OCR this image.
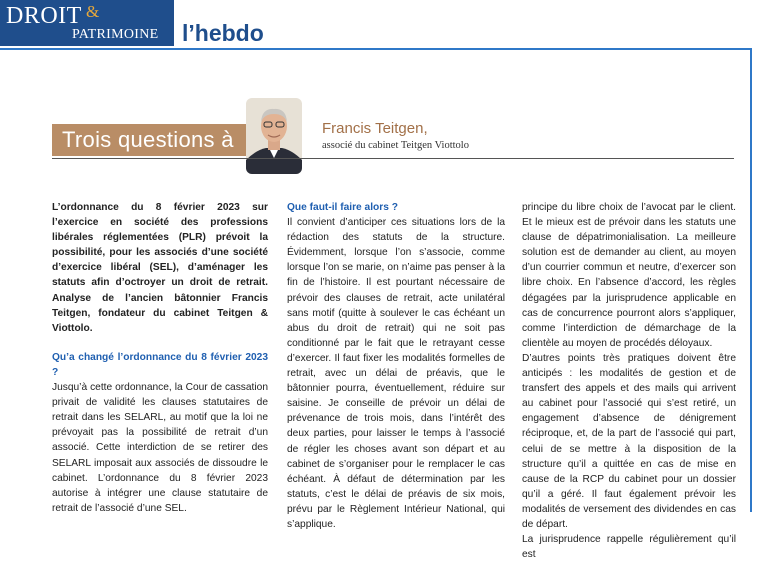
DROIT &
PATRIMOINE l’hebdo
Trois questions à	Francis Teitgen,
associé du cabinet Teitgen Viottolo

L’ordonnance du 8 février 2023 sur l’exercice en société des professions libérales réglementées (PLR) prévoit la possibilité, pour les associés d’une société d’exercice libéral (SEL), d’aménager les statuts afin d’octroyer un droit de retrait. Analyse de l’ancien bâtonnier Francis Teitgen, fondateur du cabinet Teitgen & Viottolo.

Qu’a changé l’ordonnance du 8 février 2023 ?

Jusqu’à cette ordonnance, la Cour de cassation privait de validité les clauses statutaires de retrait dans les SELARL, au motif que la loi ne prévoyait pas la possibilité de retrait d’un associé. Cette interdiction de se retirer des SELARL imposait aux associés de dissoudre le cabinet. L’ordonnance du 8 février 2023 autorise à intégrer une clause statutaire de retrait de l’associé d’une SEL.

Que faut-il faire alors ?

Il convient d’anticiper ces situations lors de la rédaction des statuts de la structure. Évidemment, lorsque l’on s’associe, comme lorsque l’on se marie, on n’aime pas penser à la fin de l’histoire. Il est pourtant nécessaire de prévoir des clauses de retrait, acte unilatéral sans motif (quitte à soulever le cas échéant un abus du droit de retrait) qui ne soit pas conditionné par le fait que le retrayant cesse d’exercer. Il faut fixer les modalités formelles de retrait, avec un délai de préavis, que le bâtonnier pourra, éventuellement, réduire sur saisine. Je conseille de prévoir un délai de prévenance de trois mois, dans l’intérêt des deux parties, pour laisser le temps à l’associé de régler les choses avant son départ et au cabinet de s’organiser pour le remplacer le cas échéant. À défaut de détermination par les statuts, c’est le délai de préavis de six mois, prévu par le Règlement Intérieur National, qui s’applique.

principe du libre choix de l’avocat par le client. Et le mieux est de prévoir dans les statuts une clause de dépatrimonialisation. La meilleure solution est de demander au client, au moyen d’un courrier commun et neutre, d’exercer son libre choix. En l’absence d’accord, les règles dégagées par la jurisprudence applicable en cas de concurrence pourront alors s’appliquer, comme l’interdiction de démarchage de la clientèle au moyen de procédés déloyaux.

D’autres points très pratiques doivent être anticipés : les modalités de gestion et de transfert des appels et des mails qui arrivent au cabinet pour l’associé qui s’est retiré, un engagement d’absence de dénigrement réciproque, et, de la part de l’associé qui part, celui de se mettre à la disposition de la structure qu’il a quittée en cas de mise en cause de la RCP du cabinet pour un dossier qu’il a géré. Il faut également prévoir les modalités de versement des dividendes en cas de départ.

La jurisprudence rappelle régulièrement qu’il est
